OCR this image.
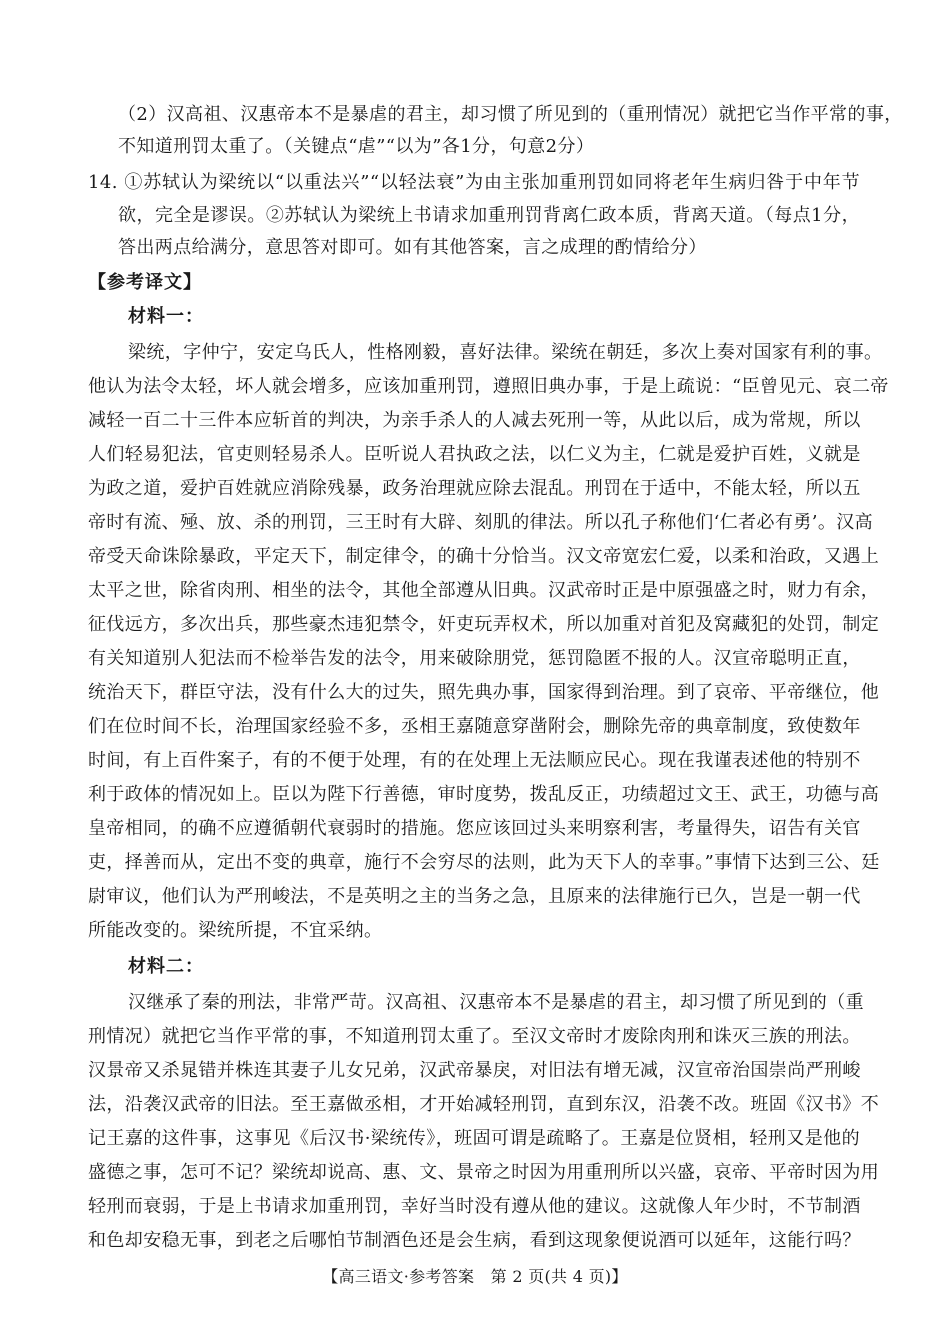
（2）汉高祖、汉惠帝本不是暴虐的君主，却习惯了所见到的（重刑情况）就把它当作平常的事，
不知道刑罚太重了。（关键点“虐”“以为”各1分，句意2分）
14. ①苏轼认为梁统以“以重法兴”“以轻法衰”为由主张加重刑罚如同将老年生病归咎于中年节
欲，完全是谬误。②苏轼认为梁统上书请求加重刑罚背离仁政本质，背离天道。（每点1分，
答出两点给满分，意思答对即可。如有其他答案，言之成理的酌情给分）
【参考译文】
材料一：
梁统，字仲宁，安定乌氏人，性格刚毅，喜好法律。梁统在朝廷，多次上奏对国家有利的事。
他认为法令太轻，坏人就会增多，应该加重刑罚，遵照旧典办事，于是上疏说：“臣曾见元、哀二帝
减轻一百二十三件本应斩首的判决，为亲手杀人的人减去死刑一等，从此以后，成为常规，所以
人们轻易犯法，官吏则轻易杀人。臣听说人君执政之法，以仁义为主，仁就是爱护百姓，义就是
为政之道，爱护百姓就应消除残暴，政务治理就应除去混乱。刑罚在于适中，不能太轻，所以五
帝时有流、殛、放、杀的刑罚，三王时有大辟、刻肌的律法。所以孔子称他们‘仁者必有勇’。汉高
帝受天命诛除暴政，平定天下，制定律令，的确十分恰当。汉文帝宽宏仁爱，以柔和治政，又遇上
太平之世，除省肉刑、相坐的法令，其他全部遵从旧典。汉武帝时正是中原强盛之时，财力有余，
征伐远方，多次出兵，那些豪杰违犯禁令，奸吏玩弄权术，所以加重对首犯及窝藏犯的处罚，制定
有关知道别人犯法而不检举告发的法令，用来破除朋党，惩罚隐匿不报的人。汉宣帝聪明正直，
统治天下，群臣守法，没有什么大的过失，照先典办事，国家得到治理。到了哀帝、平帝继位，他
们在位时间不长，治理国家经验不多，丞相王嘉随意穿凿附会，删除先帝的典章制度，致使数年
时间，有上百件案子，有的不便于处理，有的在处理上无法顺应民心。现在我谨表述他的特别不
利于政体的情况如上。臣以为陛下行善德，审时度势，拨乱反正，功绩超过文王、武王，功德与高
皇帝相同，的确不应遵循朝代衰弱时的措施。您应该回过头来明察利害，考量得失，诏告有关官
吏，择善而从，定出不变的典章，施行不会穷尽的法则，此为天下人的幸事。”事情下达到三公、廷
尉审议，他们认为严刑峻法，不是英明之主的当务之急，且原来的法律施行已久，岂是一朝一代
所能改变的。梁统所提，不宜采纳。
材料二：
汉继承了秦的刑法，非常严苛。汉高祖、汉惠帝本不是暴虐的君主，却习惯了所见到的（重
刑情况）就把它当作平常的事，不知道刑罚太重了。至汉文帝时才废除肉刑和诛灭三族的刑法。
汉景帝又杀晁错并株连其妻子儿女兄弟，汉武帝暴戾，对旧法有增无减，汉宣帝治国崇尚严刑峻
法，沿袭汉武帝的旧法。至王嘉做丞相，才开始减轻刑罚，直到东汉，沿袭不改。班固《汉书》不
记王嘉的这件事，这事见《后汉书·梁统传》，班固可谓是疏略了。王嘉是位贤相，轻刑又是他的
盛德之事，怎可不记？梁统却说高、惠、文、景帝之时因为用重刑所以兴盛，哀帝、平帝时因为用
轻刑而衰弱，于是上书请求加重刑罚，幸好当时没有遵从他的建议。这就像人年少时，不节制酒
和色却安稳无事，到老之后哪怕节制酒色还是会生病，看到这现象便说酒可以延年，这能行吗？
【高三语文·参考答案　第 2 页(共 4 页)】
